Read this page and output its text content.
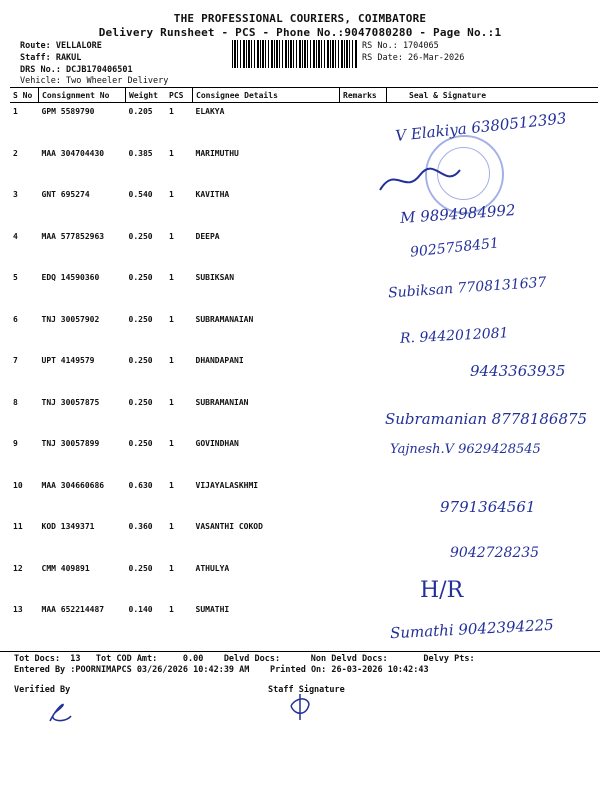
THE PROFESSIONAL COURIERS, COIMBATORE
Delivery Runsheet - PCS - Phone No.:9047080280 - Page No.:1
Route: VELLALORE
Staff: RAKUL
DRS No.: DCJB170406501
Vehicle: Two Wheeler Delivery
RS No.: 1704065
RS Date: 26-Mar-2026
S No	Consignment No	Weight	PCS	Consignee Details	Remarks	Seal & Signature
1	GPM 5589790	0.205	1	ELAKYA		
2	MAA 304704430	0.385	1	MARIMUTHU		
3	GNT 695274	0.540	1	KAVITHA		
4	MAA 577852963	0.250	1	DEEPA		
5	EDQ 14590360	0.250	1	SUBIKSAN		
6	TNJ 30057902	0.250	1	SUBRAMANAIAN		
7	UPT 4149579	0.250	1	DHANDAPANI		
8	TNJ 30057875	0.250	1	SUBRAMANIAN		
9	TNJ 30057899	0.250	1	GOVINDHAN		
10	MAA 304660686	0.630	1	VIJAYALASKHMI		
11	KOD 1349371	0.360	1	VASANTHI COKOD		
12	CMM 409891	0.250	1	ATHULYA		
13	MAA 652214487	0.140	1	SUMATHI		
V Elakiya 6380512393
M 9894984992
9025758451
Subiksan 7708131637
R. 9442012081
9443363935
Subramanian 8778186875
Yajnesh.V 9629428545
9791364561
9042728235
H/R
Sumathi 9042394225
Tot Docs:  13   Tot COD Amt:     0.00    Delvd Docs:      Non Delvd Docs:       Delvy Pts:
Entered By :POORNIMAPCS 03/26/2026 10:42:39 AM Printed On: 26-03-2026 10:42:43
Verified By	Staff Signature
